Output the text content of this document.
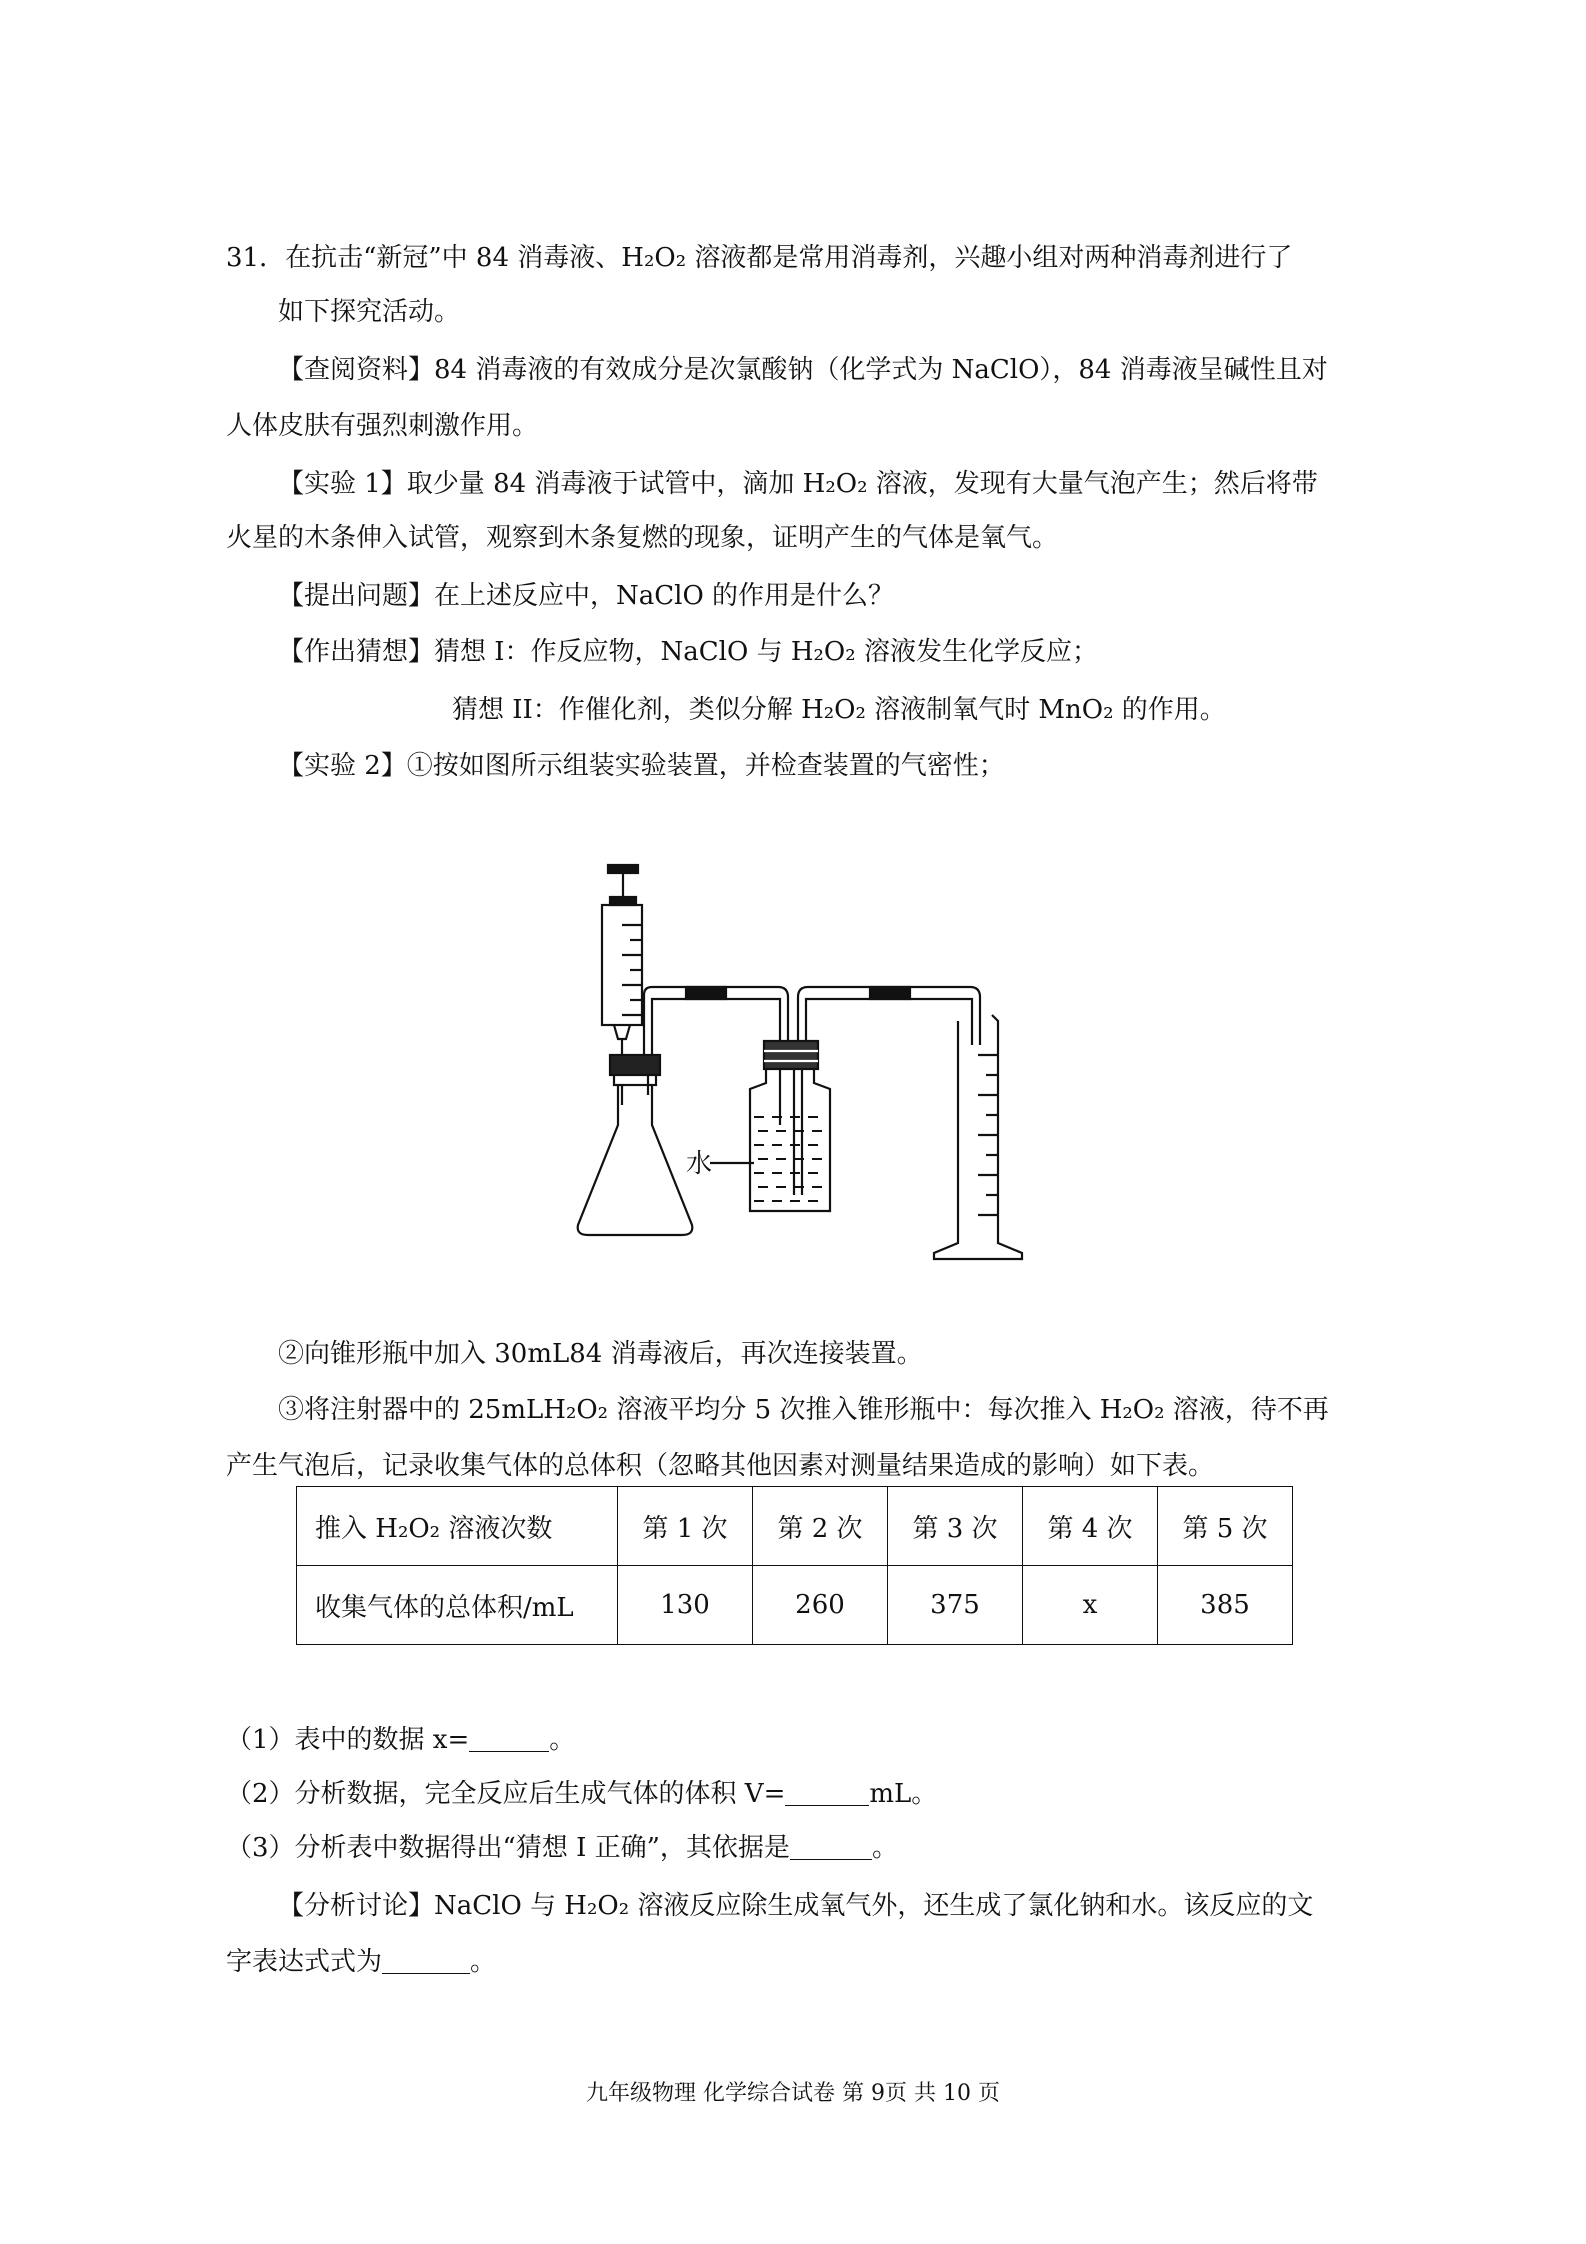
31．在抗击“新冠”中 84 消毒液、H₂O₂ 溶液都是常用消毒剂，兴趣小组对两种消毒剂进行了
如下探究活动。
【查阅资料】84 消毒液的有效成分是次氯酸钠（化学式为 NaClO），84 消毒液呈碱性且对
人体皮肤有强烈刺激作用。
【实验 1】取少量 84 消毒液于试管中，滴加 H₂O₂ 溶液，发现有大量气泡产生；然后将带
火星的木条伸入试管，观察到木条复燃的现象，证明产生的气体是氧气。
【提出问题】在上述反应中，NaClO 的作用是什么？
【作出猜想】猜想 I：作反应物，NaClO 与 H₂O₂ 溶液发生化学反应；
猜想 II：作催化剂，类似分解 H₂O₂ 溶液制氧气时 MnO₂ 的作用。
【实验 2】①按如图所示组装实验装置，并检查装置的气密性；
水
②向锥形瓶中加入 30mL84 消毒液后，再次连接装置。
③将注射器中的 25mLH₂O₂ 溶液平均分 5 次推入锥形瓶中：每次推入 H₂O₂ 溶液，待不再
产生气泡后，记录收集气体的总体积（忽略其他因素对测量结果造成的影响）如下表。
推入 H₂O₂ 溶液次数	第 1 次	第 2 次	第 3 次	第 4 次	第 5 次
收集气体的总体积/mL	130	260	375	x	385
（1）表中的数据 x=	。
（2）分析数据，完全反应后生成气体的体积 V=	mL。
（3）分析表中数据得出“猜想 I 正确”，其依据是	。
【分析讨论】NaClO 与 H₂O₂ 溶液反应除生成氧气外，还生成了氯化钠和水。该反应的文
字表达式式为	。
九年级物理 化学综合试卷 第 9页 共 10 页
